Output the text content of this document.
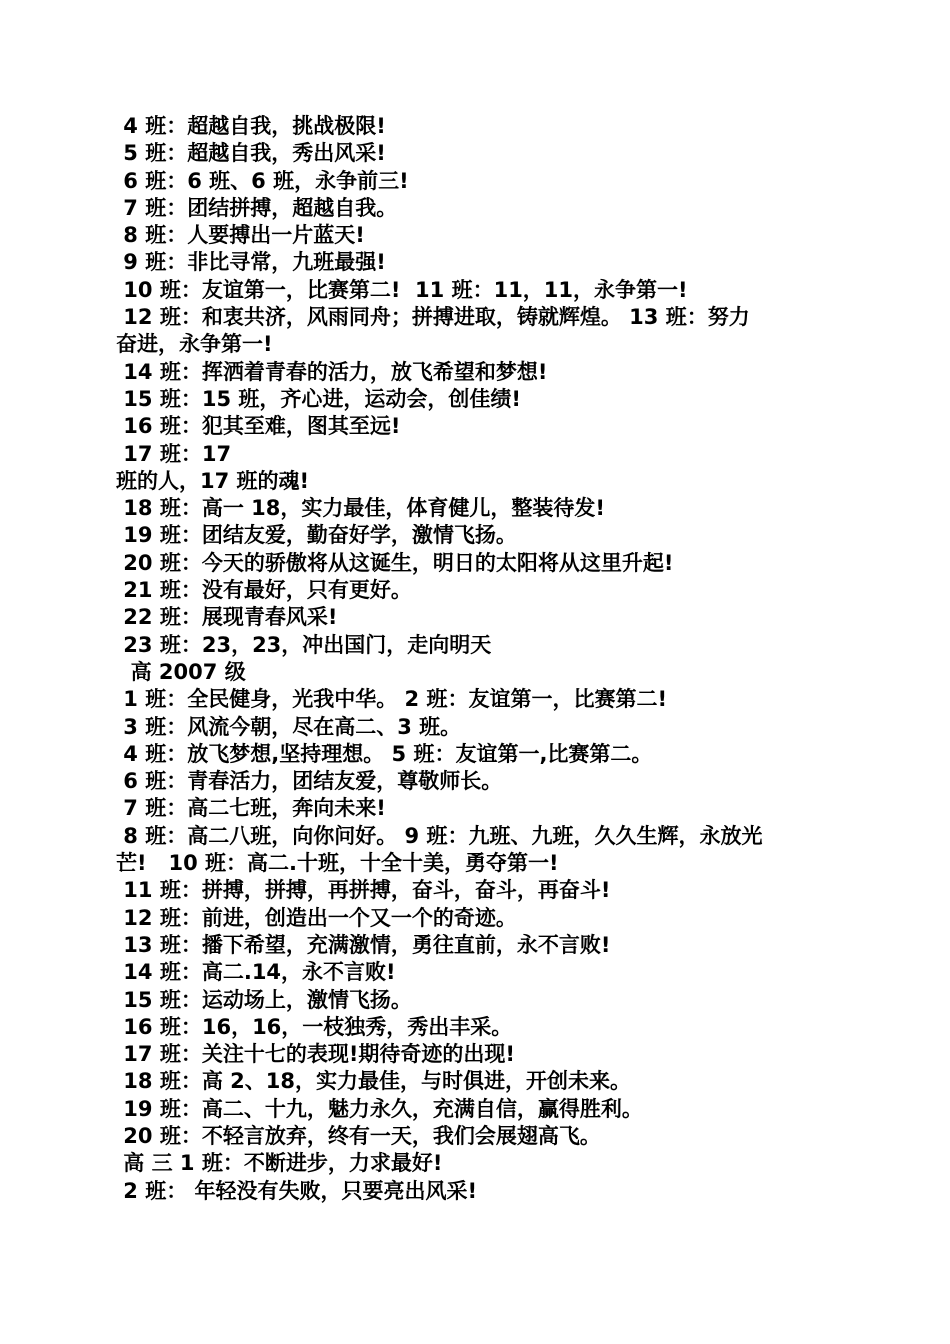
4 班：超越自我，挑战极限!
5 班：超越自我，秀出风采!
6 班：6 班、6 班，永争前三!
7 班：团结拼搏，超越自我。
8 班：人要搏出一片蓝天!
9 班：非比寻常，九班最强!
10 班：友谊第一，比赛第二!  11 班：11，11，永争第一!
12 班：和衷共济，风雨同舟；拼搏进取，铸就辉煌。 13 班：努力
奋进，永争第一!
14 班：挥洒着青春的活力，放飞希望和梦想!
15 班：15 班，齐心进，运动会，创佳绩!
16 班：犯其至难，图其至远!
17 班：17
班的人，17 班的魂!
18 班：高一 18，实力最佳，体育健儿，整装待发!
19 班：团结友爱，勤奋好学，激情飞扬。
20 班：今天的骄傲将从这诞生，明日的太阳将从这里升起!
21 班：没有最好，只有更好。
22 班：展现青春风采!
23 班：23，23，冲出国门，走向明天
高 2007 级
1 班：全民健身，光我中华。 2 班：友谊第一，比赛第二!
3 班：风流今朝，尽在高二、3 班。
4 班：放飞梦想,坚持理想。 5 班：友谊第一,比赛第二。
6 班：青春活力，团结友爱，尊敬师长。
7 班：高二七班，奔向未来!
8 班：高二八班，向你问好。 9 班：九班、九班，久久生辉，永放光
芒!   10 班：高二.十班，十全十美，勇夺第一!
11 班：拼搏，拼搏，再拼搏，奋斗，奋斗，再奋斗!
12 班：前进，创造出一个又一个的奇迹。
13 班：播下希望，充满激情，勇往直前，永不言败!
14 班：高二.14，永不言败!
15 班：运动场上，激情飞扬。
16 班：16，16，一枝独秀，秀出丰采。
17 班：关注十七的表现!期待奇迹的出现!
18 班：高 2、18，实力最佳，与时俱进，开创未来。
19 班：高二、十九，魅力永久，充满自信，赢得胜利。
20 班：不轻言放弃，终有一天，我们会展翅高飞。
高 三 1 班：不断进步，力求最好!
2 班： 年轻没有失败，只要亮出风采!
